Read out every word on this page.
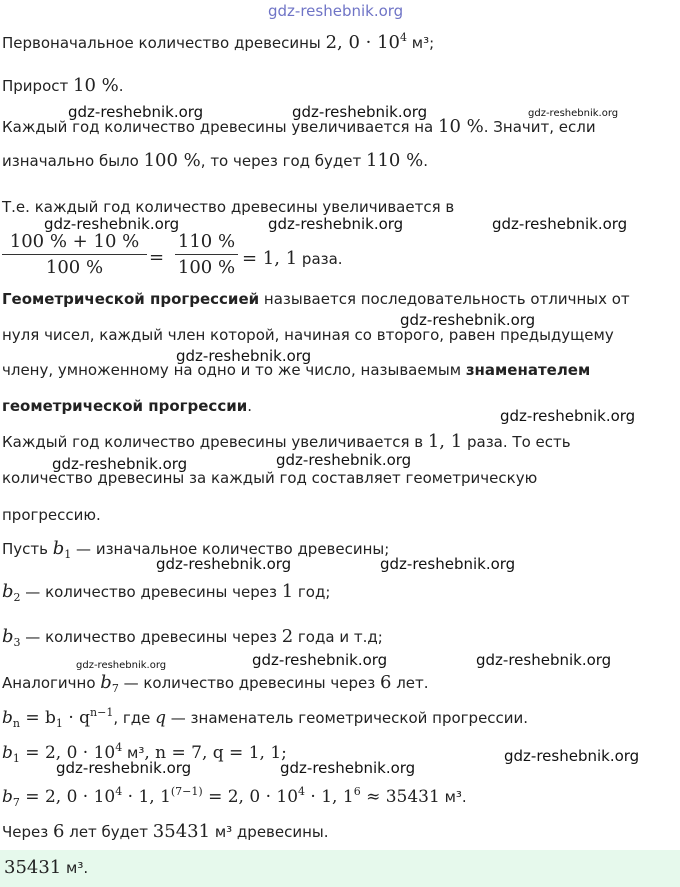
gdz-reshebnik.org
Первоначальное количество древесины 2, $0 \cdot 10^4$ м³;
Прирост 10 %.
Каждый год количество древесины увеличивается на 10 %. Значит, если
изначально было 100 %, то через год будет 110 %.
Т.е. каждый год количество древесины увеличивается в
100 % + 10 %
100 %	=
110 %
100 % = 1, 1 раза.
Геометрической прогрессией называется последовательность отличных от
нуля чисел, каждый член которой, начиная со второго, равен предыдущему
члену, умноженному на одно и то же число, называемым знаменателем
геометрической прогрессии.
Каждый год количество древесины увеличивается в 1, 1 раза. То есть
количество древесины за каждый год составляет геометрическую
прогрессию.
Пусть $b_1$ — изначальное количество древесины;
$b_2$ — количество древесины через 1 год;
$b_3$ — количество древесины через 2 года и т.д;
Аналогично $b_7$ — количество древесины через 6 лет.
$b_n = b_1 \cdot q^{n-1}$, где q — знаменатель геометрической прогрессии.
$b_1 = 2$, $0 \cdot 10^4$ м³, n = 7, q = 1, 1;
$b_7 = 2$, $0 \cdot 10^4 \cdot 1$, $1^{(7-1)} = 2$, $0 \cdot 10^4 \cdot 1$, $1^6 \approx 35431$ м³.
Через 6 лет будет 35431 м³ древесины.
35431 м³.
gdz-reshebnik.org	gdz-reshebnik.org	gdz-reshebnik.org
gdz-reshebnik.org	gdz-reshebnik.org	gdz-reshebnik.org
gdz-reshebnik.org
gdz-reshebnik.org
gdz-reshebnik.org
gdz-reshebnik.org	gdz-reshebnik.org
gdz-reshebnik.org	gdz-reshebnik.org
gdz-reshebnik.org	gdz-reshebnik.org	gdz-reshebnik.org
gdz-reshebnik.org
gdz-reshebnik.org	gdz-reshebnik.org
